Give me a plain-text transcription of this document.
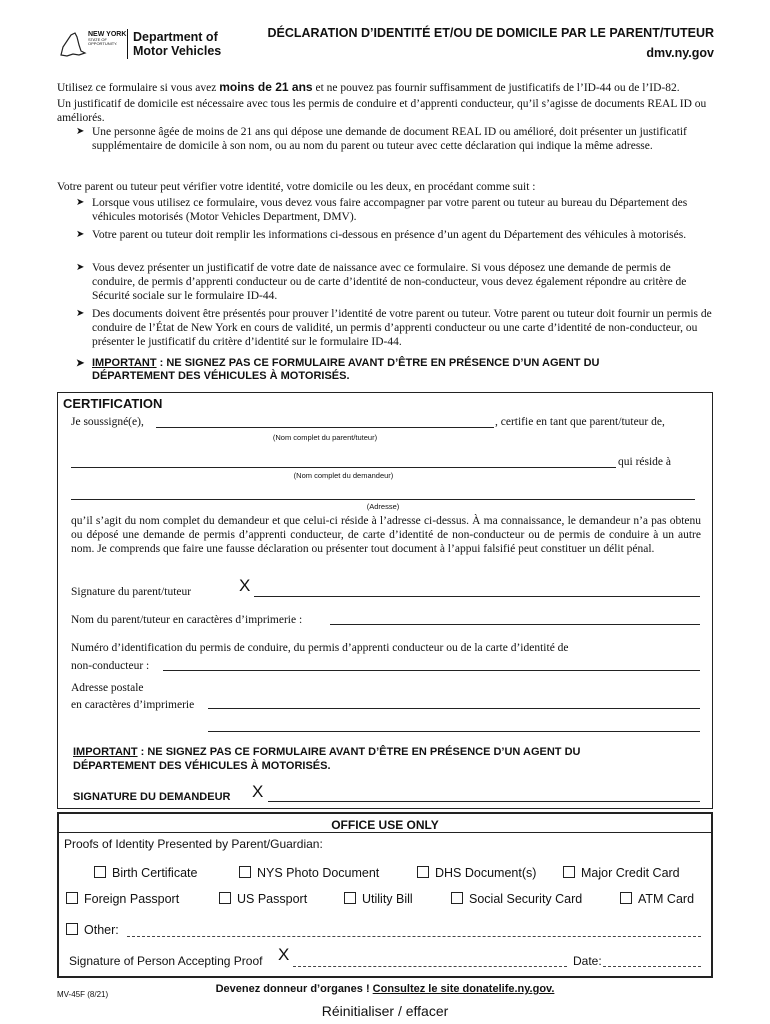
NEW YORK
STATE OF
OPPORTUNITY.	Department of
Motor Vehicles
DÉCLARATION D’IDENTITÉ ET/OU DE DOMICILE PAR LE PARENT/TUTEUR
dmv.ny.gov
Utilisez ce formulaire si vous avez moins de 21 ans et ne pouvez pas fournir suffisamment de justificatifs de l’ID-44 ou de l’ID-82.
Un justificatif de domicile est nécessaire avec tous les permis de conduire et d’apprenti conducteur, qu’il s’agisse de documents REAL ID ou améliorés.
➤ Une personne âgée de moins de 21 ans qui dépose une demande de document REAL ID ou amélioré, doit présenter un justificatif supplémentaire de domicile à son nom, ou au nom du parent ou tuteur avec cette déclaration qui indique la même adresse.
Votre parent ou tuteur peut vérifier votre identité, votre domicile ou les deux, en procédant comme suit :
➤ Lorsque vous utilisez ce formulaire, vous devez vous faire accompagner par votre parent ou tuteur au bureau du Département des véhicules motorisés (Motor Vehicles Department, DMV).
➤ Votre parent ou tuteur doit remplir les informations ci-dessous en présence d’un agent du Département des véhicules à motorisés.
➤ Vous devez présenter un justificatif de votre date de naissance avec ce formulaire. Si vous déposez une demande de permis de conduire, de permis d’apprenti conducteur ou de carte d’identité de non-conducteur, vous devez également répondre au critère de Sécurité sociale sur le formulaire ID-44.
➤ Des documents doivent être présentés pour prouver l’identité de votre parent ou tuteur. Votre parent ou tuteur doit fournir un permis de conduire de l’État de New York en cours de validité, un permis d’apprenti conducteur ou une carte d’identité de non-conducteur, ou présenter le justificatif du critère d’identité sur le formulaire ID-44.
➤ IMPORTANT : NE SIGNEZ PAS CE FORMULAIRE AVANT D’ÊTRE EN PRÉSENCE D’UN AGENT DU DÉPARTEMENT DES VÉHICULES À MOTORISÉS.
CERTIFICATION
Je soussigné(e),	, certifie en tant que parent/tuteur de,
(Nom complet du parent/tuteur)
qui réside à
(Nom complet du demandeur)
(Adresse)
qu’il s’agit du nom complet du demandeur et que celui-ci réside à l’adresse ci-dessus. À ma connaissance, le demandeur n’a pas obtenu ou déposé une demande de permis d’apprenti conducteur, de carte d’identité de non-conducteur ou de permis de conduire à un autre nom. Je comprends que faire une fausse déclaration ou présenter tout document à l’appui falsifié peut constituer un délit pénal.
Signature du parent/tuteur	X
Nom du parent/tuteur en caractères d’imprimerie :
Numéro d’identification du permis de conduire, du permis d’apprenti conducteur ou de la carte d’identité de
non-conducteur :
Adresse postale
en caractères d’imprimerie
IMPORTANT : NE SIGNEZ PAS CE FORMULAIRE AVANT D’ÊTRE EN PRÉSENCE D’UN AGENT DU DÉPARTEMENT DES VÉHICULES À MOTORISÉS.
SIGNATURE DU DEMANDEUR X
OFFICE USE ONLY
Proofs of Identity Presented by Parent/Guardian:
Birth Certificate	NYS Photo Document	DHS Document(s)	Major Credit Card
Foreign Passport	US Passport	Utility Bill	Social Security Card	ATM Card
Other:
Signature of Person Accepting Proof X	Date:
MV-45F (8/21)	Devenez donneur d’organes ! Consultez le site donatelife.ny.gov.
Réinitialiser / effacer
